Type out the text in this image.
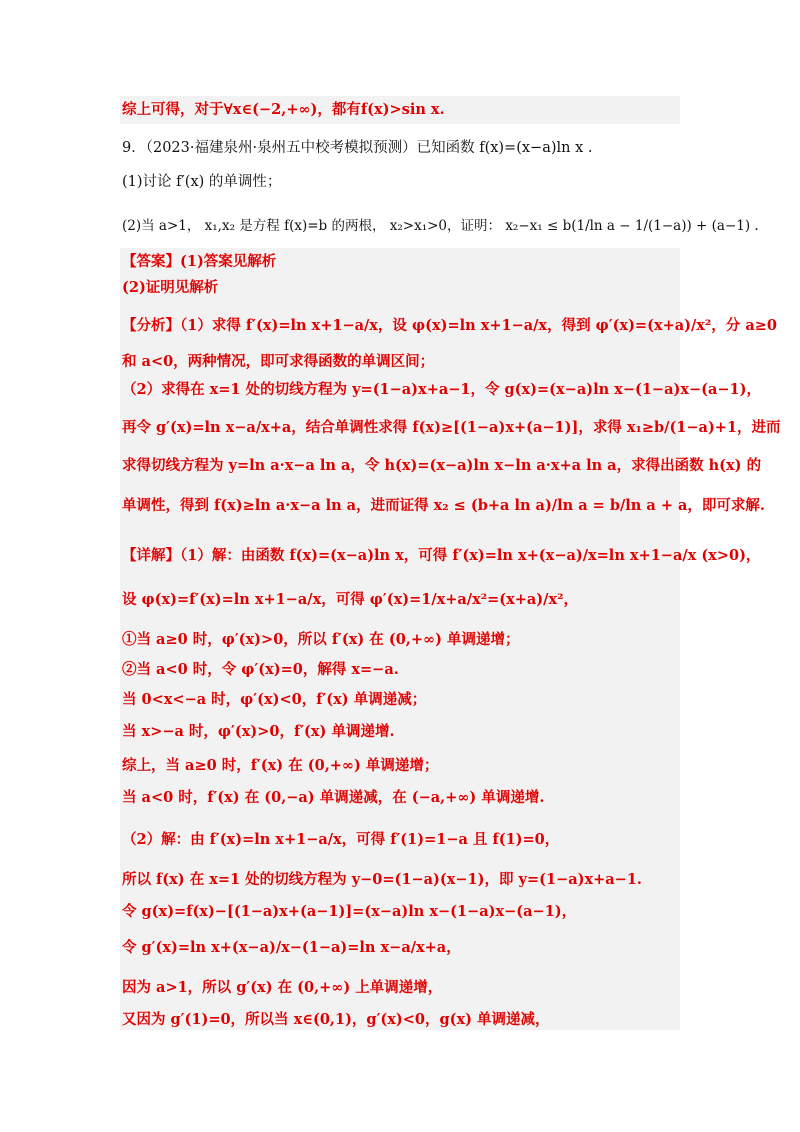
综上可得，对于∀x∈(−2,+∞)，都有f(x)>sin x.
9．（2023·福建泉州·泉州五中校考模拟预测）已知函数 f(x)=(x−a)ln x .
(1)讨论 f′(x) 的单调性；
(2)当 a>1， x₁,x₂ 是方程 f(x)=b 的两根， x₂>x₁>0，证明： x₂−x₁ ≤ b(1/ln a − 1/(1−a)) + (a−1) .
【答案】(1)答案见解析
(2)证明见解析
【分析】（1）求得 f′(x)=ln x+1−a/x，设 φ(x)=ln x+1−a/x，得到 φ′(x)=(x+a)/x²，分 a≥0
和 a<0，两种情况，即可求得函数的单调区间；
（2）求得在 x=1 处的切线方程为 y=(1−a)x+a−1，令 g(x)=(x−a)ln x−(1−a)x−(a−1)，
再令 g′(x)=ln x−a/x+a，结合单调性求得 f(x)≥[(1−a)x+(a−1)]，求得 x₁≥b/(1−a)+1，进而
求得切线方程为 y=ln a·x−a ln a，令 h(x)=(x−a)ln x−ln a·x+a ln a，求得出函数 h(x) 的
单调性，得到 f(x)≥ln a·x−a ln a，进而证得 x₂ ≤ (b+a ln a)/ln a = b/ln a + a，即可求解.
【详解】（1）解：由函数 f(x)=(x−a)ln x，可得 f′(x)=ln x+(x−a)/x=ln x+1−a/x (x>0)，
设 φ(x)=f′(x)=ln x+1−a/x，可得 φ′(x)=1/x+a/x²=(x+a)/x²，
①当 a≥0 时，φ′(x)>0，所以 f′(x) 在 (0,+∞) 单调递增；
②当 a<0 时，令 φ′(x)=0，解得 x=−a.
当 0<x<−a 时，φ′(x)<0，f′(x) 单调递减；
当 x>−a 时，φ′(x)>0，f′(x) 单调递增.
综上，当 a≥0 时，f′(x) 在 (0,+∞) 单调递增；
当 a<0 时，f′(x) 在 (0,−a) 单调递减，在 (−a,+∞) 单调递增.
（2）解：由 f′(x)=ln x+1−a/x，可得 f′(1)=1−a 且 f(1)=0，
所以 f(x) 在 x=1 处的切线方程为 y−0=(1−a)(x−1)，即 y=(1−a)x+a−1.
令 g(x)=f(x)−[(1−a)x+(a−1)]=(x−a)ln x−(1−a)x−(a−1)，
令 g′(x)=ln x+(x−a)/x−(1−a)=ln x−a/x+a，
因为 a>1，所以 g′(x) 在 (0,+∞) 上单调递增，
又因为 g′(1)=0，所以当 x∈(0,1)，g′(x)<0，g(x) 单调递减，
